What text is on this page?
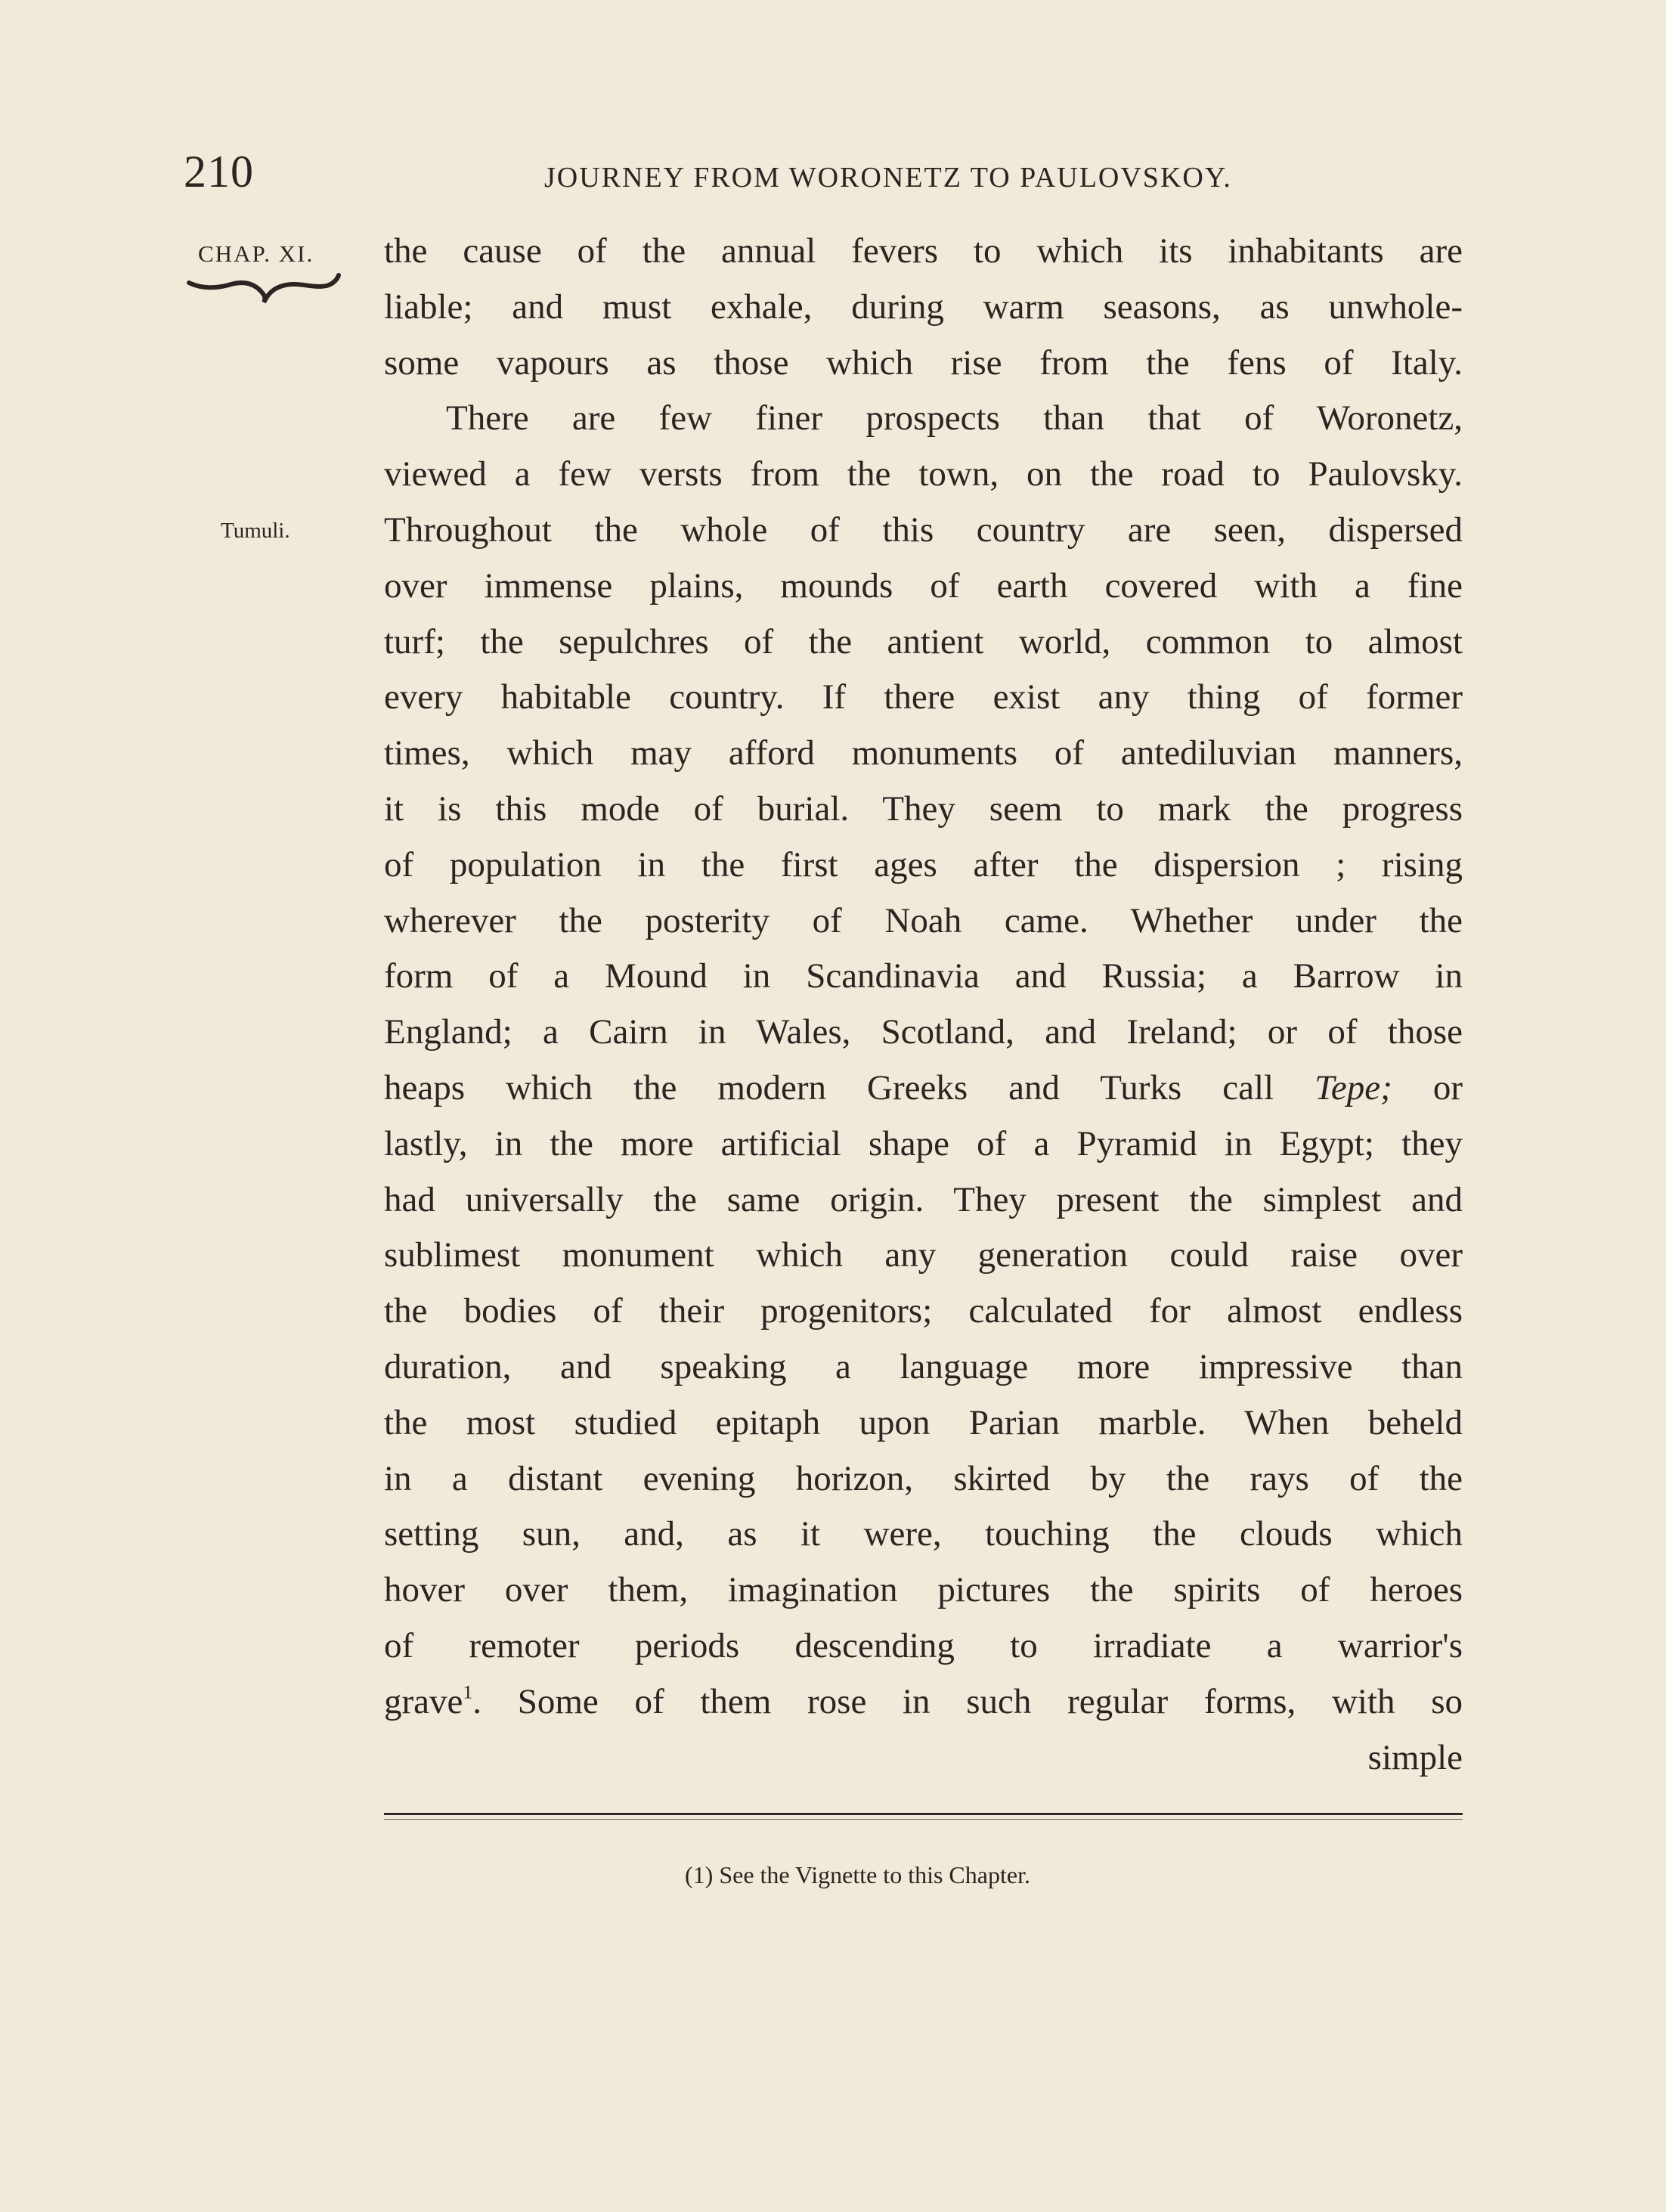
210	JOURNEY FROM WORONETZ TO PAULOVSKOY.
CHAP. XI.
Tumuli.
the cause of the annual fevers to which its inhabitants are
liable; and must exhale, during warm seasons, as unwhole-
some vapours as those which rise from the fens of Italy.
There are few finer prospects than that of Woronetz,
viewed a few versts from the town, on the road to Paulovsky.
Throughout the whole of this country are seen, dispersed
over immense plains, mounds of earth covered with a fine
turf; the sepulchres of the antient world, common to almost
every habitable country. If there exist any thing of former
times, which may afford monuments of antediluvian manners,
it is this mode of burial. They seem to mark the progress
of population in the first ages after the dispersion ; rising
wherever the posterity of Noah came. Whether under the
form of a Mound in Scandinavia and Russia; a Barrow in
England; a Cairn in Wales, Scotland, and Ireland; or of those
heaps which the modern Greeks and Turks call Tepe; or
lastly, in the more artificial shape of a Pyramid in Egypt; they
had universally the same origin. They present the simplest and
sublimest monument which any generation could raise over
the bodies of their progenitors; calculated for almost endless
duration, and speaking a language more impressive than
the most studied epitaph upon Parian marble. When beheld
in a distant evening horizon, skirted by the rays of the
setting sun, and, as it were, touching the clouds which
hover over them, imagination pictures the spirits of heroes
of remoter periods descending to irradiate a warrior's
grave$^1$. Some of them rose in such regular forms, with so
simple
(1) See the Vignette to this Chapter.
